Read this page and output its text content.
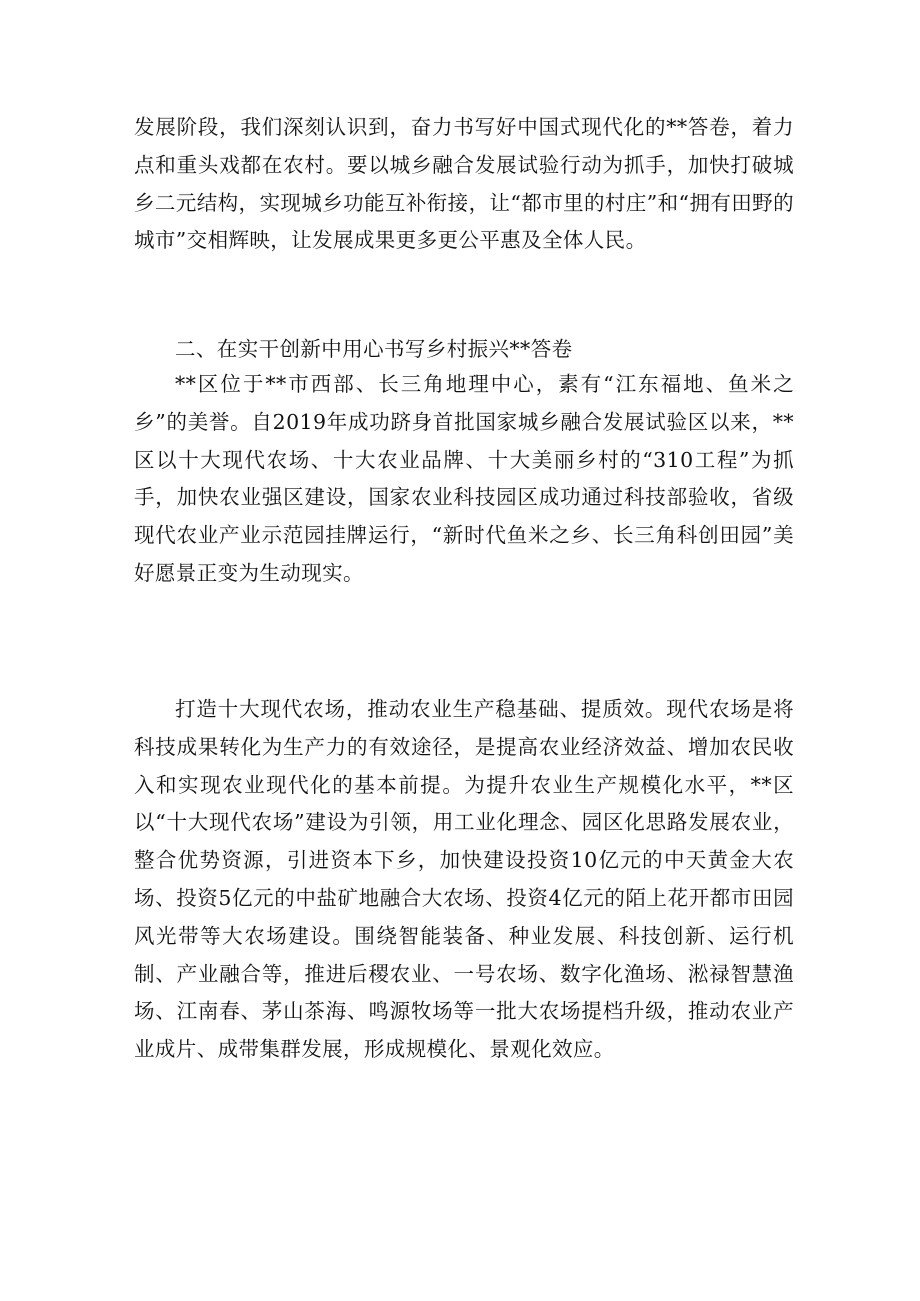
发展阶段，我们深刻认识到，奋力书写好中国式现代化的**答卷，着力点和重头戏都在农村。要以城乡融合发展试验行动为抓手，加快打破城乡二元结构，实现城乡功能互补衔接，让“都市里的村庄”和“拥有田野的城市”交相辉映，让发展成果更多更公平惠及全体人民。

二、在实干创新中用心书写乡村振兴**答卷

**区位于**市西部、长三角地理中心，素有“江东福地、鱼米之乡”的美誉。自2019年成功跻身首批国家城乡融合发展试验区以来，**区以十大现代农场、十大农业品牌、十大美丽乡村的“310工程”为抓手，加快农业强区建设，国家农业科技园区成功通过科技部验收，省级现代农业产业示范园挂牌运行，“新时代鱼米之乡、长三角科创田园”美好愿景正变为生动现实。

打造十大现代农场，推动农业生产稳基础、提质效。现代农场是将科技成果转化为生产力的有效途径，是提高农业经济效益、增加农民收入和实现农业现代化的基本前提。为提升农业生产规模化水平，**区以“十大现代农场”建设为引领，用工业化理念、园区化思路发展农业，整合优势资源，引进资本下乡，加快建设投资10亿元的中天黄金大农场、投资5亿元的中盐矿地融合大农场、投资4亿元的陌上花开都市田园风光带等大农场建设。围绕智能装备、种业发展、科技创新、运行机制、产业融合等，推进后稷农业、一号农场、数字化渔场、淞禄智慧渔场、江南春、茅山茶海、鸣源牧场等一批大农场提档升级，推动农业产业成片、成带集群发展，形成规模化、景观化效应。
